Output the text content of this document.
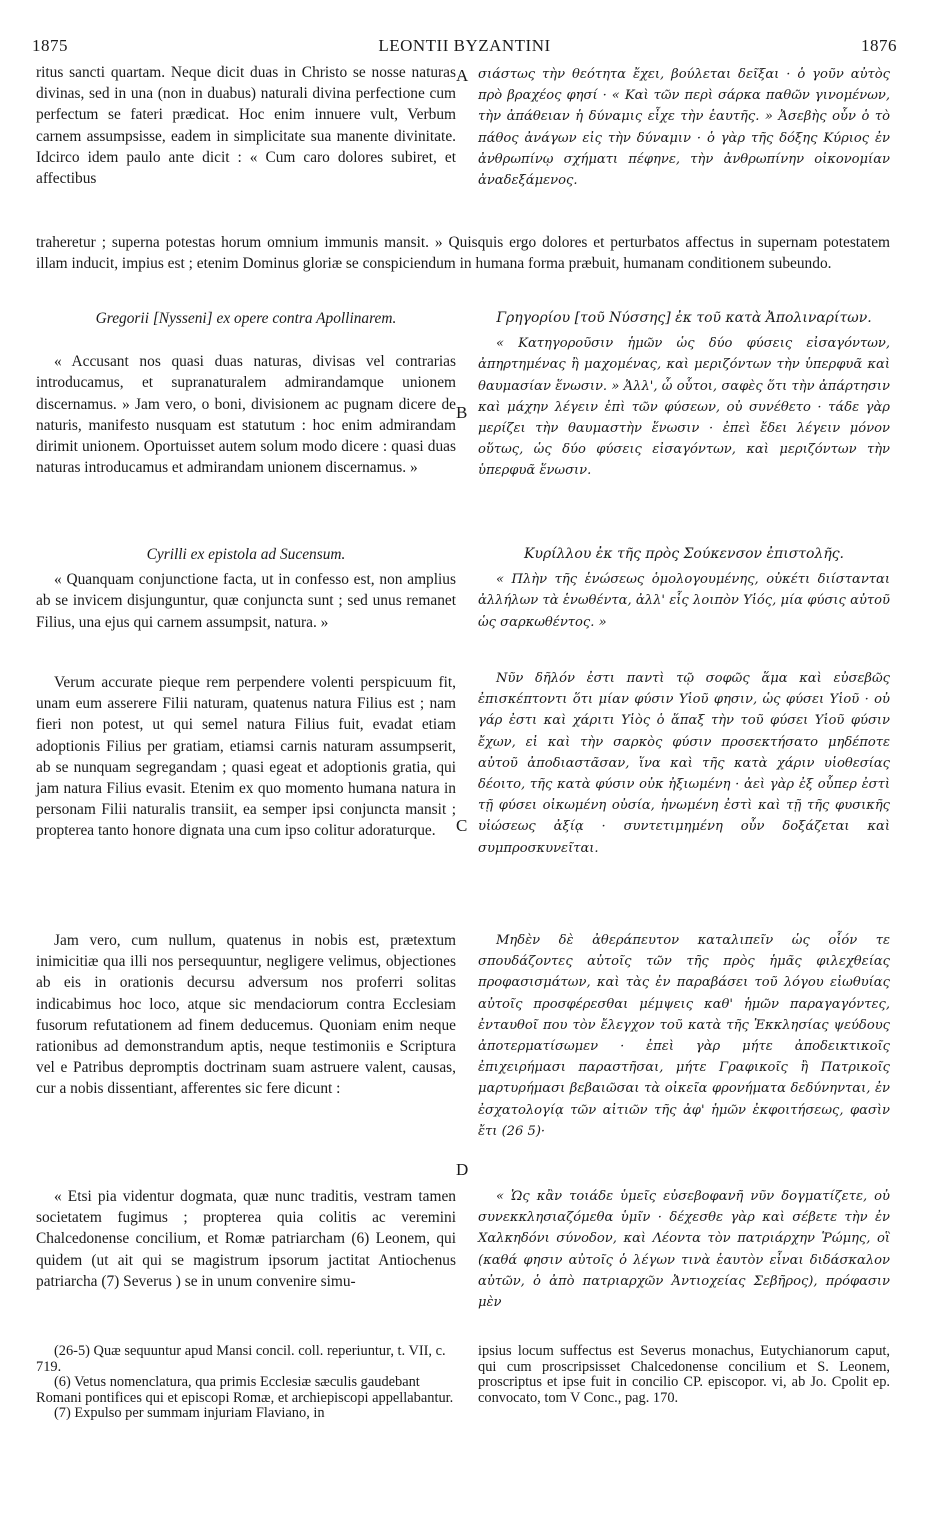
1875	LEONTII BYZANTINI	1876
A
B
C
D

ritus sancti quartam. Neque dicit duas in Christo se nosse naturas divinas, sed in una (non in duabus) naturali divina perfectione cum perfectum se fateri prædicat. Hoc enim innuere vult, Verbum carnem assumpsisse, eadem in simplicitate sua manente divinitate. Idcirco idem paulo ante dicit : « Cum caro dolores subiret, et affectibus

σιάστως τὴν θεότητα ἔχει, βούλεται δεῖξαι · ὁ γοῦν αὐτὸς πρὸ βραχέος φησί · « Καὶ τῶν περὶ σάρκα παθῶν γινομένων, τὴν ἀπάθειαν ἡ δύναμις εἶχε τὴν ἑαυτῆς. » Ἀσεβὴς οὖν ὁ τὸ πάθος ἀνάγων εἰς τὴν δύναμιν · ὁ γὰρ τῆς δόξης Κύριος ἐν ἀνθρωπίνῳ σχήματι πέφηνε, τὴν ἀνθρωπίνην οἰκονομίαν ἀναδεξάμενος.

traheretur ; superna potestas horum omnium immunis mansit. » Quisquis ergo dolores et perturbatos affectus in supernam potestatem illam inducit, impius est ; etenim Dominus gloriæ se conspiciendum in humana forma præbuit, humanam conditionem subeundo.

Gregorii [Nysseni] ex opere contra Apollinarem.

« Accusant nos quasi duas naturas, divisas vel contrarias introducamus, et supranaturalem admirandamque unionem discernamus. » Jam vero, o boni, divisionem ac pugnam dicere de naturis, manifesto nusquam est statutum : hoc enim admirandam dirimit unionem. Oportuisset autem solum modo dicere : quasi duas naturas introducamus et admirandam unionem discernamus. »

Γρηγορίου [τοῦ Νύσσης] ἐκ τοῦ κατὰ Ἀπολιναρίτων.

« Κατηγοροῦσιν ἡμῶν ὡς δύο φύσεις εἰσαγόντων, ἀπηρτημένας ἢ μαχομένας, καὶ μεριζόντων τὴν ὑπερφυᾶ καὶ θαυμασίαν ἕνωσιν. » Ἀλλ', ὦ οὗτοι, σαφὲς ὅτι τὴν ἀπάρτησιν καὶ μάχην λέγειν ἐπὶ τῶν φύσεων, οὐ συνέθετο · τάδε γὰρ μερίζει τὴν θαυμαστὴν ἕνωσιν · ἐπεὶ ἔδει λέγειν μόνον οὕτως, ὡς δύο φύσεις εἰσαγόντων, καὶ μεριζόντων τὴν ὑπερφυᾶ ἕνωσιν.

Cyrilli ex epistola ad Sucensum.

« Quanquam conjunctione facta, ut in confesso est, non amplius ab se invicem disjunguntur, quæ conjuncta sunt ; sed unus remanet Filius, una ejus qui carnem assumpsit, natura. »

Κυρίλλου ἐκ τῆς πρὸς Σούκενσον ἐπιστολῆς.

« Πλὴν τῆς ἑνώσεως ὁμολογουμένης, οὐκέτι διίστανται ἀλλήλων τὰ ἑνωθέντα, ἀλλ' εἷς λοιπὸν Υἱός, μία φύσις αὐτοῦ ὡς σαρκωθέντος. »

Verum accurate pieque rem perpendere volenti perspicuum fit, unam eum asserere Filii naturam, quatenus natura Filius est ; nam fieri non potest, ut qui semel natura Filius fuit, evadat etiam adoptionis Filius per gratiam, etiamsi carnis naturam assumpserit, ab se nunquam segregandam ; quasi egeat et adoptionis gratia, qui jam natura Filius evasit. Etenim ex quo momento humana natura in personam Filii naturalis transiit, ea semper ipsi conjuncta mansit ; propterea tanto honore dignata una cum ipso colitur adoraturque.

Νῦν δῆλόν ἐστι παντὶ τῷ σοφῶς ἅμα καὶ εὐσεβῶς ἐπισκέπτοντι ὅτι μίαν φύσιν Υἱοῦ φησιν, ὡς φύσει Υἱοῦ · οὐ γάρ ἐστι καὶ χάριτι Υἱὸς ὁ ἅπαξ τὴν τοῦ φύσει Υἱοῦ φύσιν ἔχων, εἰ καὶ τὴν σαρκὸς φύσιν προσεκτήσατο μηδέποτε αὐτοῦ ἀποδιαστᾶσαν, ἵνα καὶ τῆς κατὰ χάριν υἱοθεσίας δέοιτο, τῆς κατὰ φύσιν οὐκ ἠξιωμένη · ἀεὶ γὰρ ἐξ οὗπερ ἐστὶ τῇ φύσει οἰκωμένη οὐσία, ἡνωμένη ἐστὶ καὶ τῇ τῆς φυσικῆς υἱώσεως ἀξίᾳ · συντετιμημένη οὖν δοξάζεται καὶ συμπροσκυνεῖται.

Jam vero, cum nullum, quatenus in nobis est, prætextum inimicitiæ qua illi nos persequuntur, negligere velimus, objectiones ab eis in orationis decursu adversum nos proferri solitas indicabimus hoc loco, atque sic mendaciorum contra Ecclesiam fusorum refutationem ad finem deducemus. Quoniam enim neque rationibus ad demonstrandum aptis, neque testimoniis e Scriptura vel e Patribus depromptis doctrinam suam astruere valent, causas, cur a nobis dissentiant, afferentes sic fere dicunt :

Μηδὲν δὲ ἀθεράπευτον καταλιπεῖν ὡς οἷόν τε σπουδάζοντες αὐτοῖς τῶν τῆς πρὸς ἡμᾶς φιλεχθείας προφασισμάτων, καὶ τὰς ἐν παραβάσει τοῦ λόγου εἰωθυίας αὐτοῖς προσφέρεσθαι μέμψεις καθ' ἡμῶν παραγαγόντες, ἐνταυθοῖ που τὸν ἔλεγχον τοῦ κατὰ τῆς Ἐκκλησίας ψεύδους ἀποτερματίσωμεν · ἐπεὶ γὰρ μήτε ἀποδεικτικοῖς ἐπιχειρήμασι παραστῆσαι, μήτε Γραφικοῖς ἢ Πατρικοῖς μαρτυρήμασι βεβαιῶσαι τὰ οἰκεῖα φρονήματα δεδύνηνται, ἐν ἐσχατολογίᾳ τῶν αἰτιῶν τῆς ἀφ' ἡμῶν ἐκφοιτήσεως, φασὶν ἔτι (26 5)·

« Etsi pia videntur dogmata, quæ nunc traditis, vestram tamen societatem fugimus ; propterea quia colitis ac veremini Chalcedonense concilium, et Romæ patriarcham (6) Leonem, qui quidem (ut ait qui se magistrum ipsorum jactitat Antiochenus patriarcha (7) Severus ) se in unum convenire simu-

« Ὡς κἂν τοιάδε ὑμεῖς εὐσεβοφανῆ νῦν δογματίζετε, οὐ συνεκκλησιαζόμεθα ὑμῖν · δέχεσθε γὰρ καὶ σέβετε τὴν ἐν Χαλκηδόνι σύνοδον, καὶ Λέοντα τὸν πατριάρχην Ῥώμης, οἳ (καθά φησιν αὐτοῖς ὁ λέγων τινὰ ἑαυτὸν εἶναι διδάσκαλον αὐτῶν, ὁ ἀπὸ πατριαρχῶν Ἀντιοχείας Σεβῆρος), πρόφασιν μὲν

(26-5) Quæ sequuntur apud Mansi concil. coll. reperiuntur, t. VII, c. 719.

(6) Vetus nomenclatura, qua primis Ecclesiæ sæculis gaudebant Romani pontifices qui et episcopi Romæ, et archiepiscopi appellabantur.

(7) Expulso per summam injuriam Flaviano, in

ipsius locum suffectus est Severus monachus, Eutychianorum caput, qui cum proscripsisset Chalcedonense concilium et S. Leonem, proscriptus et ipse fuit in concilio CP. episcopor. vi, ab Jo. Cpolit ep. convocato, tom V Conc., pag. 170.
